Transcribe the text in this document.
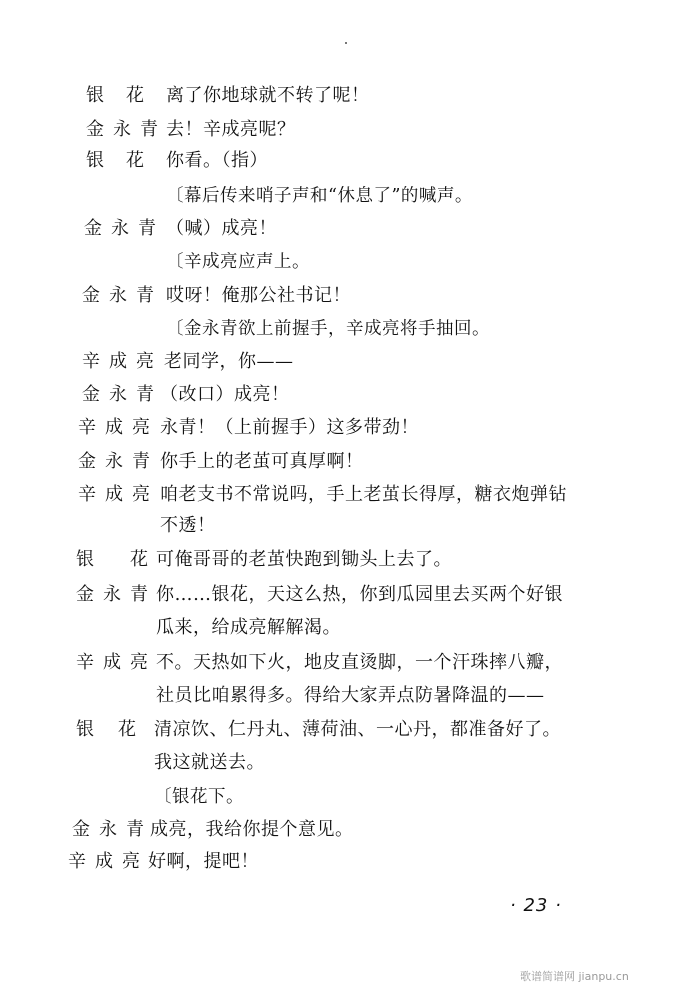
银　花 离了你地球就不转了呢！
金永青 去！辛成亮呢？
银　花 你看。（指）
〔幕后传来哨子声和“休息了”的喊声。
金永青 （喊）成亮！
〔辛成亮应声上。
金永青 哎呀！俺那公社书记！
〔金永青欲上前握手，辛成亮将手抽回。
辛成亮 老同学，你——
金永青 （改口）成亮！
辛成亮 永青！（上前握手）这多带劲！
金永青 你手上的老茧可真厚啊！
辛成亮 咱老支书不常说吗，手上老茧长得厚，糖衣炮弹钻
不透！
银　花 可俺哥哥的老茧快跑到锄头上去了。
金永青 你……银花，天这么热，你到瓜园里去买两个好银
瓜来，给成亮解解渴。
辛成亮 不。天热如下火，地皮直烫脚，一个汗珠摔八瓣，
社员比咱累得多。得给大家弄点防暑降温的——
银　花 清凉饮、仁丹丸、薄荷油、一心丹，都准备好了。
我这就送去。
〔银花下。
金永青 成亮，我给你提个意见。
辛成亮 好啊，提吧！
· 23 ·
歌谱简谱网 jianpu.cn
